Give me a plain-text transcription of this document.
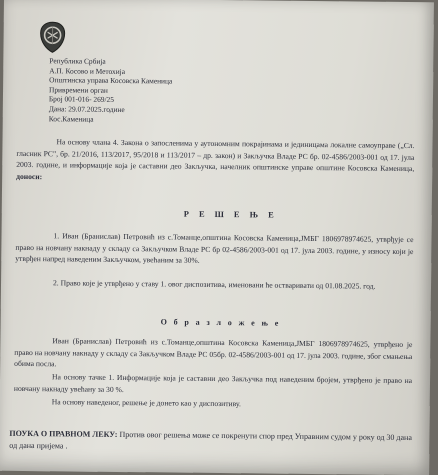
Република Србија
А.П. Косово и Метохија
Општинска управа Косовска Каменица
Привремени орган
Број 001-016- 269/25
Дана: 29.07.2025.године
Кос.Каменица
На основу члана 4. Закона о запосленима у аутономним покрајинама и јединицама локалне самоуправе („Сл. гласник РС", бр. 21/2016, 113/2017, 95/2018 и 113/2017 – др. закон) и Закључка Владе РС бр. 02-4586/2003-001 од 17. јула 2003. године, и информације која је саставни део Закључка, начелник општинске управе општине Косовска Каменица, доноси:
Р Е Ш Е Њ Е
1. Иван (Бранислав) Петровић из с.Томанце,општина Косовска Каменица,ЈМБГ 1806978974625, утврђује се право на новчану накнаду у складу са Закључком Владе РС бр 02-4586/2003-001 од 17. јула 2003. године, у износу који је утврђен напред наведеним Закључком, увећаним за 30%.
2. Право које је утврђено у ставу 1. овог диспозитива, именовани ће остваривати од 01.08.2025. год.
О б р а з л о ж е њ е
Иван (Бранислав) Петровић из с.Томанце,општина Косовска Каменица,ЈМБГ 1806978974625, утврђено је право на новчану накнаду у складу са Закључком Владе РС 05бр. 02-4586/2003-001 од 17. јула 2003. године, због смањења обима посла.
На основу тачке 1. Информације која је саставни део Закључка под наведеним бројем, утврђено је право на новчану накнаду увећану за 30 %.
На основу наведеног, решење је донето као у диспозитиву.
ПОУКА О ПРАВНОМ ЛЕКУ: Против овог решења може се покренути спор пред Управним судом у року од 30 дана од дана пријема .
